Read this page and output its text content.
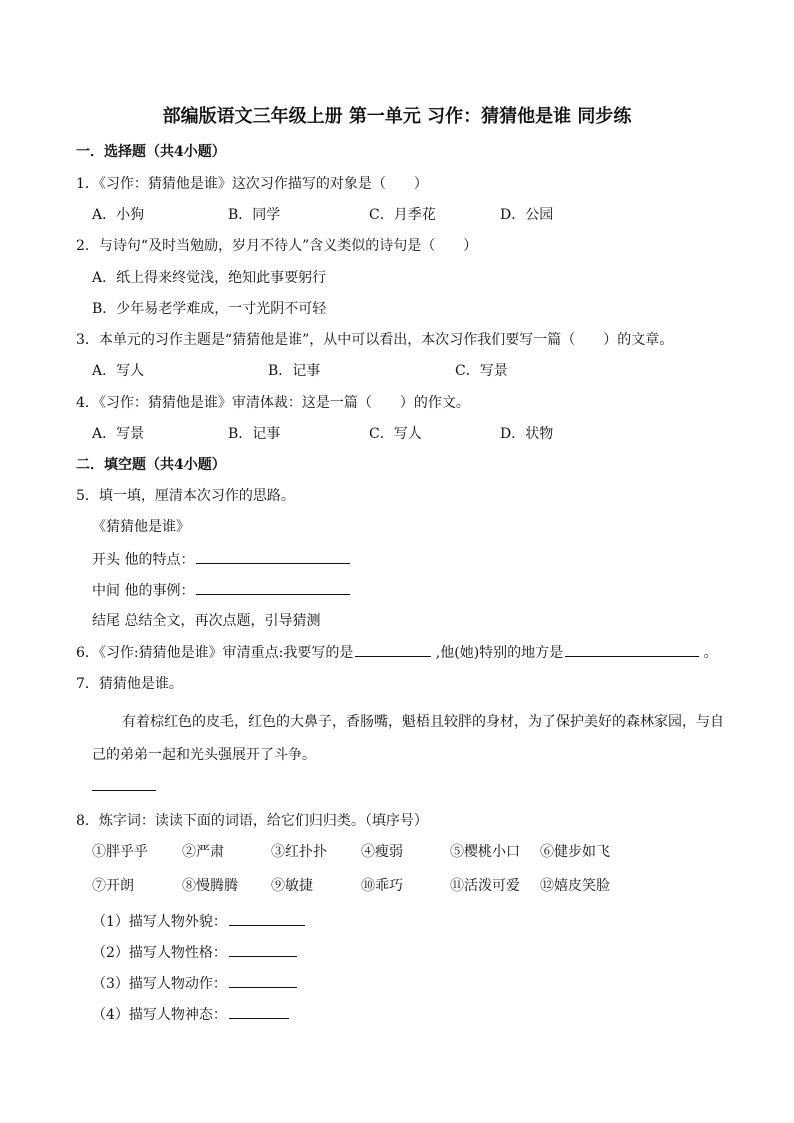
部编版语文三年级上册 第一单元 习作：猜猜他是谁 同步练
一．选择题（共4小题）
1．《习作：猜猜他是谁》这次习作描写的对象是（　　）
A．小狗	B．同学	C．月季花	D．公园
2．与诗句“及时当勉励，岁月不待人”含义类似的诗句是（　　）
A．纸上得来终觉浅，绝知此事要躬行
B．少年易老学难成，一寸光阴不可轻
3．本单元的习作主题是“猜猜他是谁”，从中可以看出，本次习作我们要写一篇（　　）的文章。
A．写人	B．记事	C．写景
4．《习作：猜猜他是谁》审清体裁：这是一篇（　　）的作文。
A．写景	B．记事	C．写人	D．状物
二．填空题（共4小题）
5．填一填，厘清本次习作的思路。
《猜猜他是谁》
开头 他的特点：
中间 他的事例：
结尾 总结全文，再次点题，引导猜测
6．《习作:猜猜他是谁》审清重点:我要写的是	,他(她)特别的地方是	。
7．猜猜他是谁。
有着棕红色的皮毛，红色的大鼻子，香肠嘴，魁梧且较胖的身材，为了保护美好的森林家园，与自
己的弟弟一起和光头强展开了斗争。
8．炼字词：读读下面的词语，给它们归归类。（填序号）
①胖乎乎 ②严肃	③红扑扑 ④瘦弱	⑤樱桃小口 ⑥健步如飞
⑦开朗	⑧慢腾腾 ⑨敏捷	⑩乖巧	⑪活泼可爱 ⑫嬉皮笑脸
（1）描写人物外貌：
（2）描写人物性格：
（3）描写人物动作：
（4）描写人物神态：
